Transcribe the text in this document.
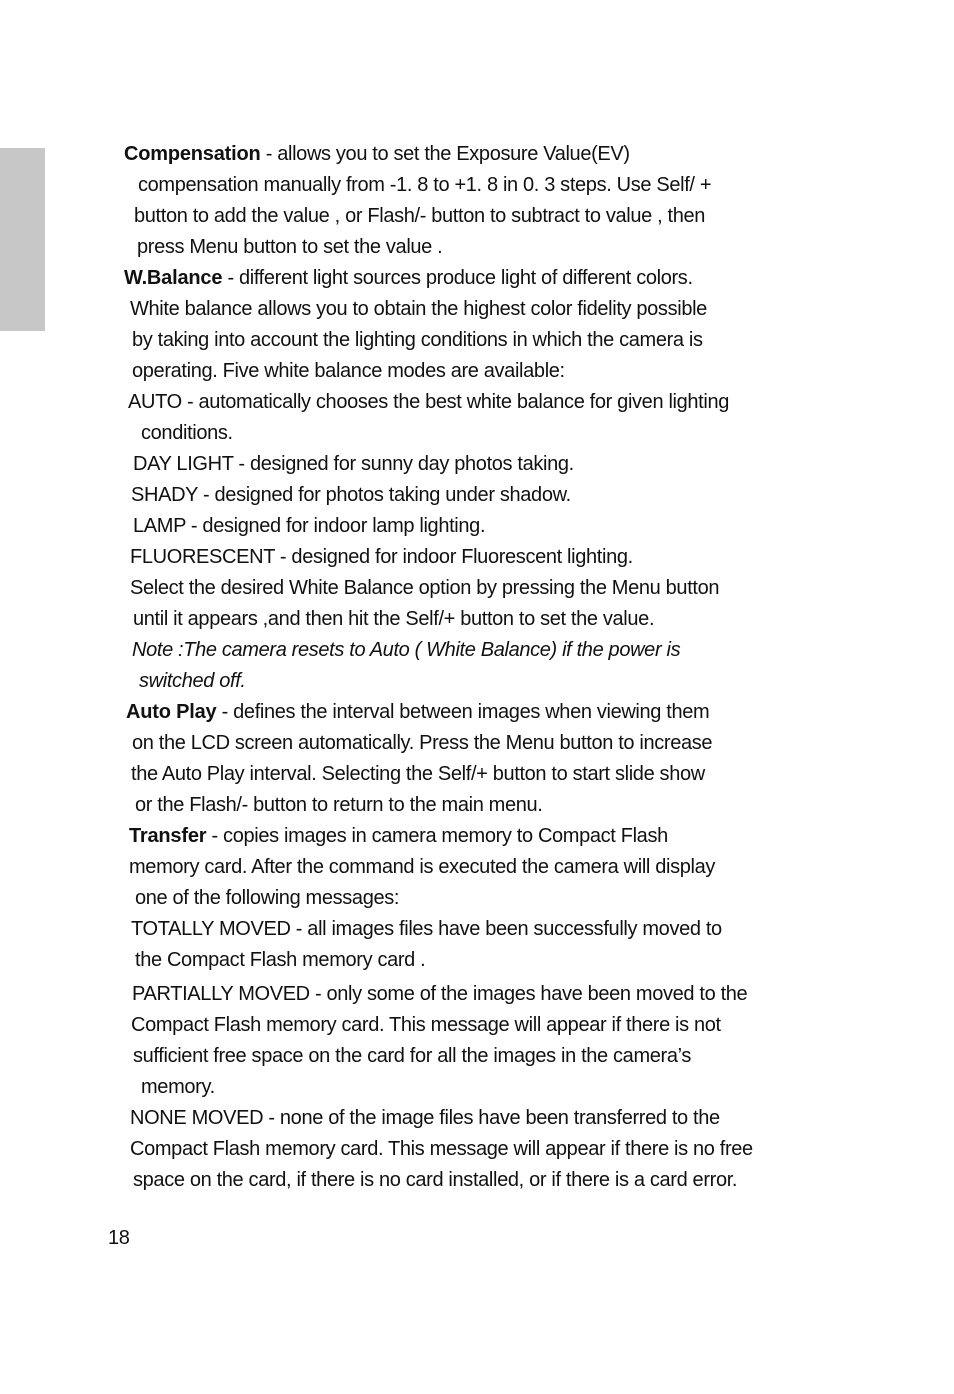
Compensation - allows you to set the Exposure Value(EV)
compensation manually from -1. 8 to +1. 8 in 0. 3 steps. Use Self/ +
button to add the value , or Flash/- button to subtract to value , then
press Menu button to set the value .
W.Balance - different light sources produce light of different colors.
White balance allows you to obtain the highest color fidelity possible
by taking into account the lighting conditions in which the camera is
operating. Five white balance modes are available:
AUTO - automatically chooses the best white balance for given lighting
conditions.
DAY LIGHT - designed for sunny day photos taking.
SHADY - designed for photos taking under shadow.
LAMP - designed for indoor lamp lighting.
FLUORESCENT - designed for indoor Fluorescent lighting.
Select the desired White Balance option by pressing the Menu button
until it appears ,and then hit the Self/+ button to set the value.
Note :The camera resets to Auto ( White Balance) if the power is
switched off.
Auto Play - defines the interval between images when viewing them
on the LCD screen automatically. Press the Menu button to increase
the Auto Play interval. Selecting the Self/+ button to start slide show
or the Flash/- button to return to the main menu.
Transfer - copies images in camera memory to Compact Flash
memory card. After the command is executed the camera will display
one of the following messages:
TOTALLY MOVED - all images files have been successfully moved to
the Compact Flash memory card .
PARTIALLY MOVED - only some of the images have been moved to the
Compact Flash memory card. This message will appear if there is not
sufficient free space on the card for all the images in the camera’s
memory.
NONE MOVED - none of the image files have been transferred to the
Compact Flash memory card. This message will appear if there is no free
space on the card, if there is no card installed, or if there is a card error.
18
